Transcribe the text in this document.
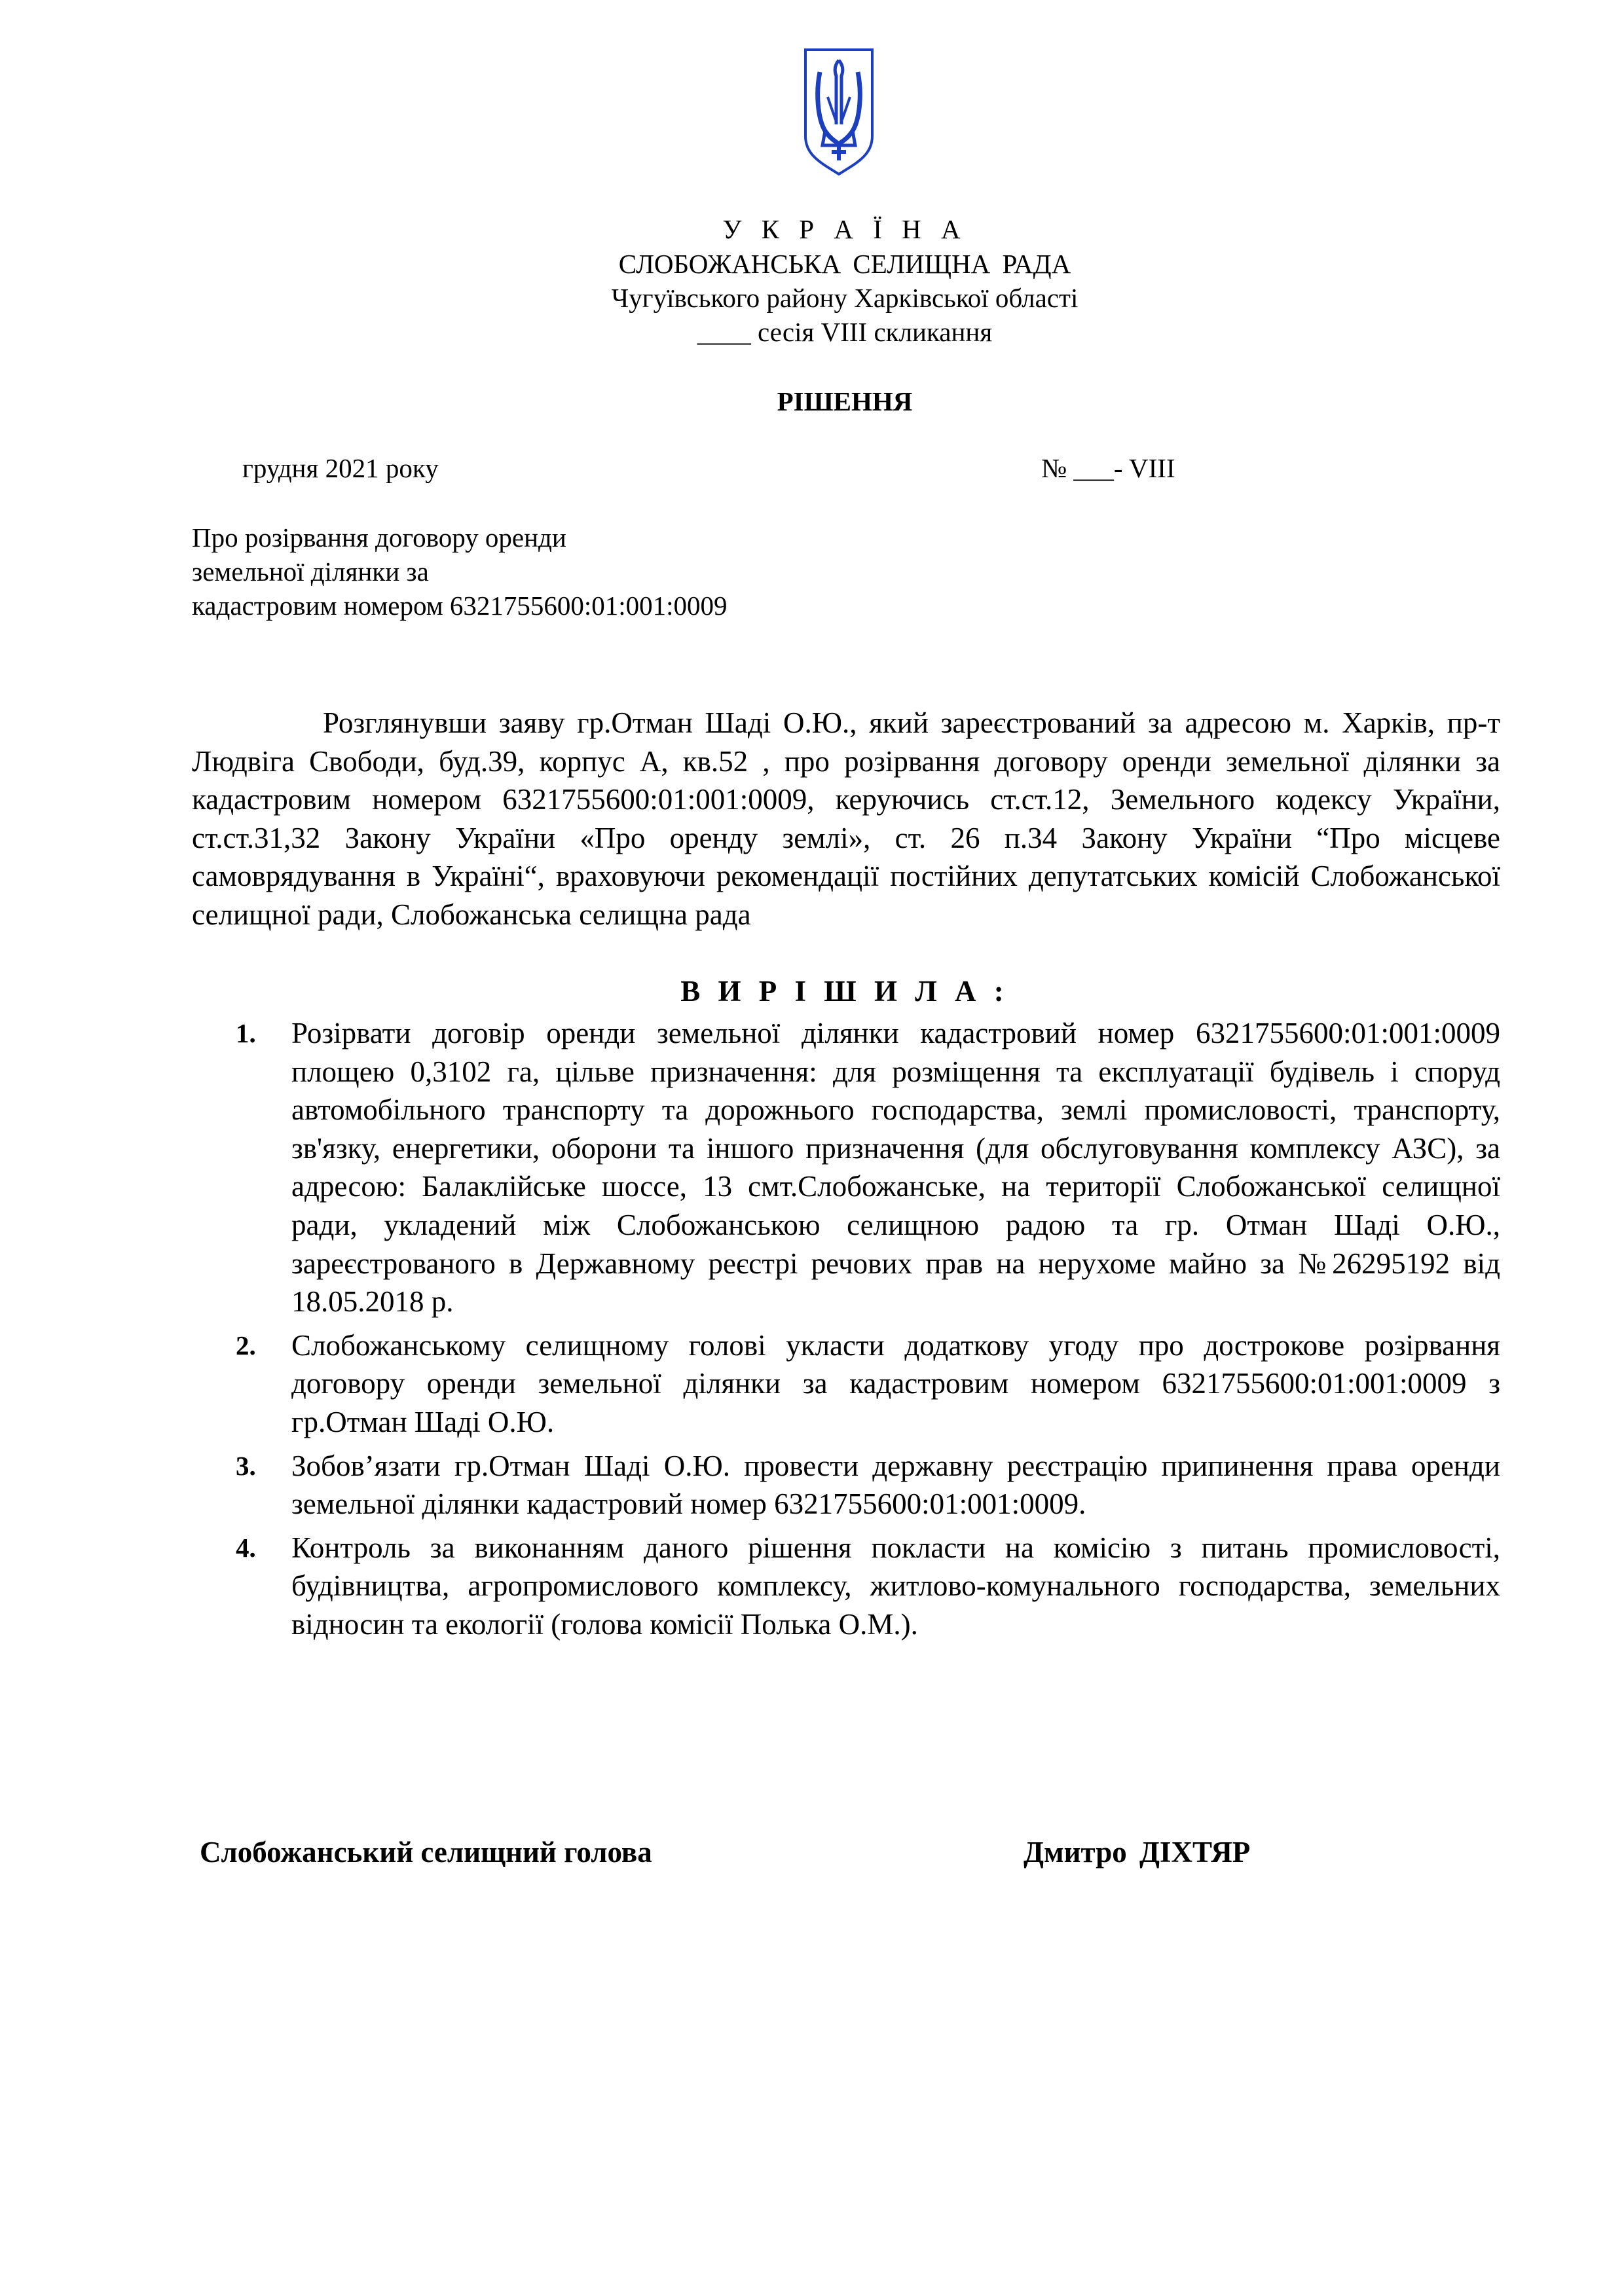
У К Р А Ї Н А
СЛОБОЖАНСЬКА СЕЛИЩНА РАДА
Чугуївського району Харківської області
____ сесія VIII скликання
РІШЕННЯ
грудня 2021 року	№ ___- VIII
Про розірвання договору оренди
земельної ділянки за
кадастровим номером 6321755600:01:001:0009

Розглянувши заяву гр.Отман Шаді О.Ю., який зареєстрований за адресою м. Харків, пр-т Людвіга Свободи, буд.39, корпус А, кв.52 , про розірвання договору оренди земельної ділянки за кадастровим номером 6321755600:01:001:0009, керуючись ст.ст.12, Земельного кодексу України, ст.ст.31,32 Закону України «Про оренду землі», ст. 26 п.34 Закону України “Про місцеве самоврядування в Україні“, враховуючи рекомендації постійних депутатських комісій Слобожанської селищної ради, Слобожанська селищна рада

В И Р І Ш И Л А :
1. Розірвати договір оренди земельної ділянки кадастровий номер 6321755600:01:001:0009 площею 0,3102 га, цільве призначення: для розміщення та експлуатації будівель і споруд автомобільного транспорту та дорожнього господарства, землі промисловості, транспорту, зв'язку, енергетики, оборони та іншого призначення (для обслуговування комплексу АЗС), за адресою: Балаклійське шоссе, 13 смт.Слобожанське, на території Слобожанської селищної ради, укладений між Слобожанською селищною радою та гр. Отман Шаді О.Ю., зареєстрованого в Державному реєстрі речових прав на нерухоме майно за №26295192 від 18.05.2018 р.

2. Слобожанському селищному голові укласти додаткову угоду про дострокове розірвання договору оренди земельної ділянки за кадастровим номером 6321755600:01:001:0009 з гр.Отман Шаді О.Ю.

3. Зобов’язати гр.Отман Шаді О.Ю. провести державну реєстрацію припинення права оренди земельної ділянки кадастровий номер 6321755600:01:001:0009.

4. Контроль за виконанням даного рішення покласти на комісію з питань промисловості, будівництва, агропромислового комплексу, житлово-комунального господарства, земельних відносин та екології (голова комісії Полька О.М.).

Слобожанський селищний голова	Дмитро ДІХТЯР
